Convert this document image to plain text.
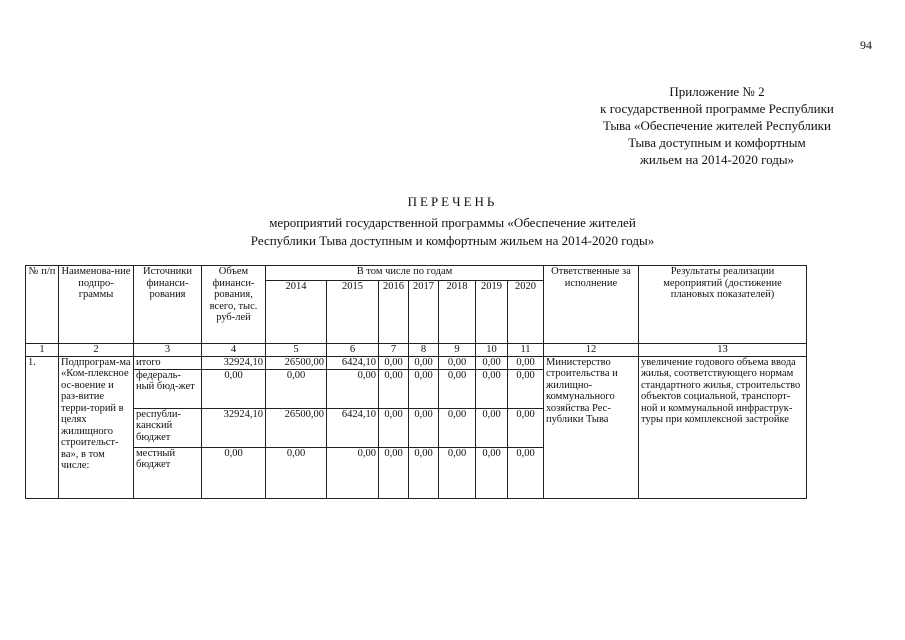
94
Приложение № 2
к государственной программе Республики
Тыва «Обеспечение жителей Республики
Тыва доступным и комфортным
жильем на 2014-2020 годы»
ПЕРЕЧЕНЬ
мероприятий государственной программы «Обеспечение жителей
Республики Тыва доступным и комфортным жильем на 2014-2020 годы»
№ п/п	Наименова-ние подпро-граммы	Источники финанси-рования	Объем финанси-рования, всего, тыс. руб-лей	В том числе по годам							Ответственные за исполнение	Результаты реализации мероприятий (достижение плановых показателей)
				2014	2015	2016	2017	2018	2019	2020		
1	2	3	4	5	6	7	8	9	10	11	12	13
1.	Подпрограм-ма «Ком-плексное ос-воение и раз-витие терри-торий в целях жилищного строительст-ва», в том числе:	итого	32924,10	26500,00	6424,10	0,00	0,00	0,00	0,00	0,00	Министерство строительства и жилищно-коммунального хозяйства Рес-публики Тыва	увеличение годового объема ввода жилья, соответствующего нормам стандартного жилья, строительство объектов социальной, транспорт-ной и коммунальной инфраструк-туры при комплексной застройке
		федераль-ный бюд-жет	0,00	0,00	0,00	0,00	0,00	0,00	0,00	0,00		
		республи-канский бюджет	32924,10	26500,00	6424,10	0,00	0,00	0,00	0,00	0,00		
		местный бюджет	0,00	0,00	0,00	0,00	0,00	0,00	0,00	0,00		
